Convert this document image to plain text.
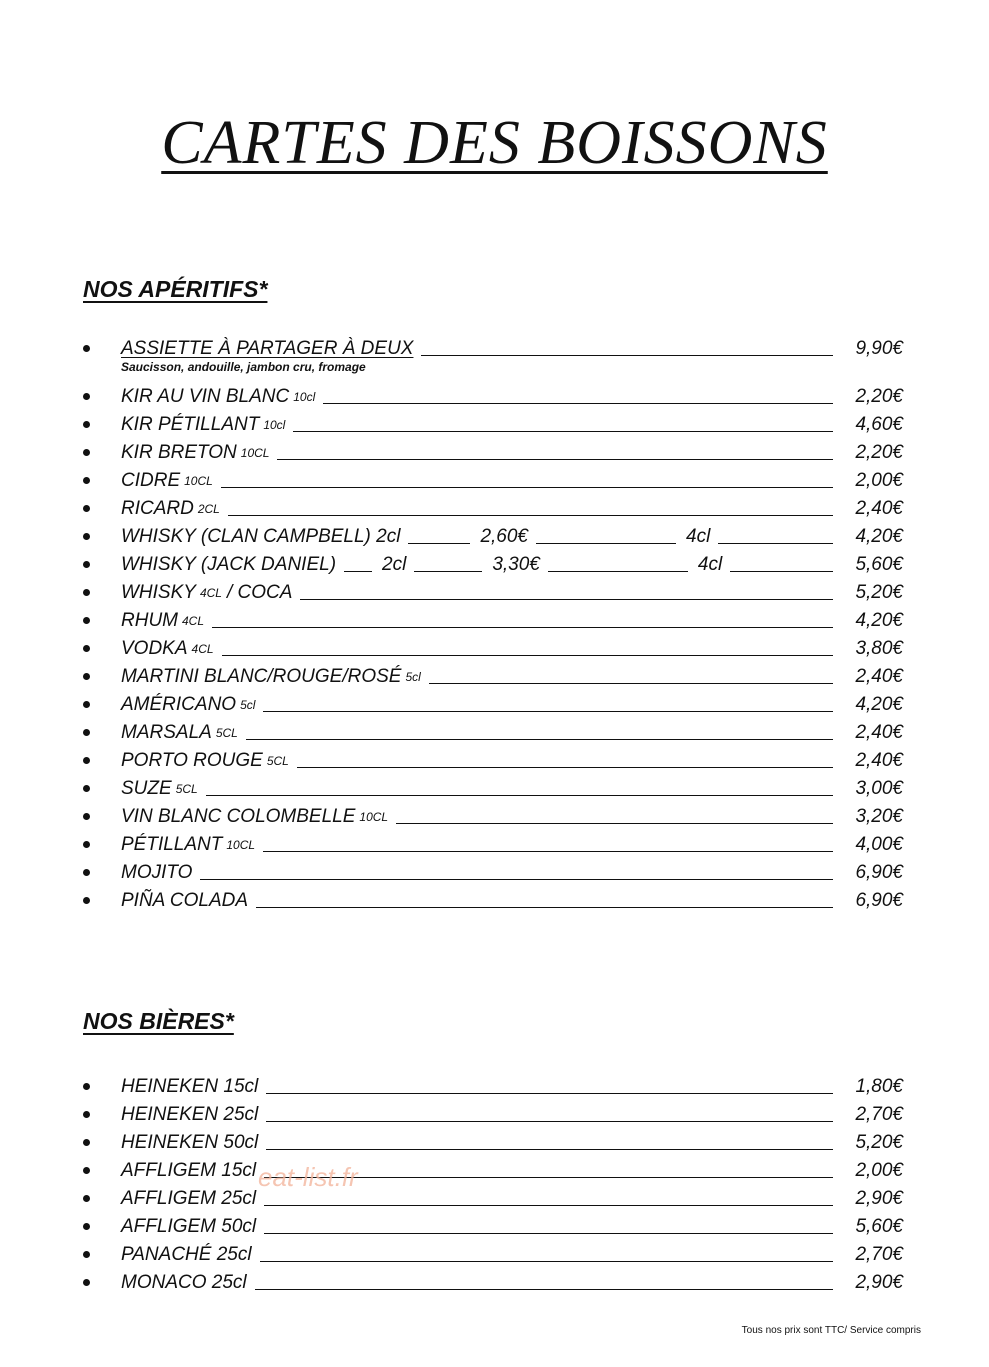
CARTES DES BOISSONS
NOS APÉRITIFS*
ASSIETTE À PARTAGER À DEUX	9,90€
KIR AU VIN BLANC 10cl	2,20€
KIR PÉTILLANT 10cl	4,60€
KIR BRETON 10CL	2,20€
CIDRE 10CL	2,00€
RICARD 2CL	2,40€
WHISKY (CLAN CAMPBELL) 2cl	2,60€	4cl	4,20€
WHISKY (JACK DANIEL) 2cl	3,30€	4cl	5,60€
WHISKY 4CL / COCA	5,20€
RHUM 4CL	4,20€
VODKA 4CL	3,80€
MARTINI BLANC/ROUGE/ROSÉ 5cl	2,40€
AMÉRICANO 5cl	4,20€
MARSALA 5CL	2,40€
PORTO ROUGE 5CL	2,40€
SUZE 5CL	3,00€
VIN BLANC COLOMBELLE 10CL	3,20€
PÉTILLANT 10CL	4,00€
MOJITO	6,90€
PIÑA COLADA	6,90€
Saucisson, andouille, jambon cru, fromage
NOS BIÈRES*
HEINEKEN 15cl	1,80€
HEINEKEN 25cl	2,70€
HEINEKEN 50cl	5,20€
AFFLIGEM 15cl	2,00€
AFFLIGEM 25cl	2,90€
AFFLIGEM 50cl	5,60€
PANACHÉ 25cl	2,70€
MONACO 25cl	2,90€
eat-list.fr
Tous nos prix sont TTC/ Service compris
